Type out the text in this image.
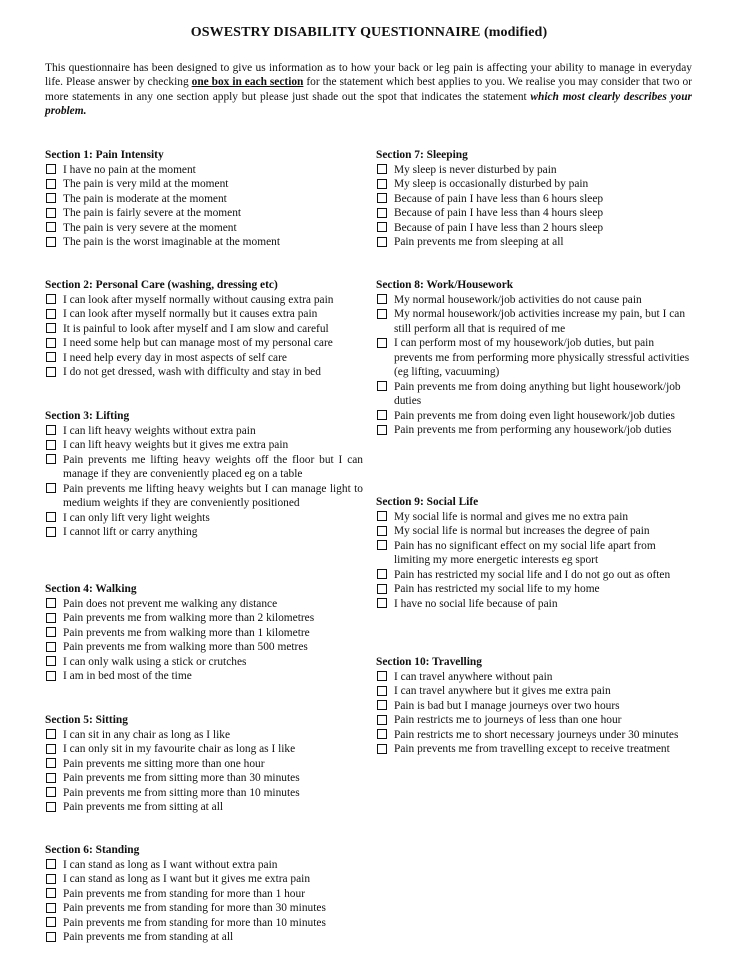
OSWESTRY DISABILITY QUESTIONNAIRE (modified)
This questionnaire has been designed to give us information as to how your back or leg pain is affecting your ability to manage in everyday life. Please answer by checking one box in each section for the statement which best applies to you. We realise you may consider that two or more statements in any one section apply but please just shade out the spot that indicates the statement which most clearly describes your problem.
Section 1: Pain Intensity
I have no pain at the moment
The pain is very mild at the moment
The pain is moderate at the moment
The pain is fairly severe at the moment
The pain is very severe at the moment
The pain is the worst imaginable at the moment
Section 2: Personal Care (washing, dressing etc)
I can look after myself normally without causing extra pain
I can look after myself normally but it causes extra pain
It is painful to look after myself and I am slow and careful
I need some help but can manage most of my personal care
I need help every day in most aspects of self care
I do not get dressed, wash with difficulty and stay in bed
Section 3: Lifting
I can lift heavy weights without extra pain
I can lift heavy weights but it gives me extra pain
Pain prevents me lifting heavy weights off the floor but I can manage if they are conveniently placed eg on a table
Pain prevents me lifting heavy weights but I can manage light to medium weights if they are conveniently positioned
I can only lift very light weights
I cannot lift or carry anything
Section 4: Walking
Pain does not prevent me walking any distance
Pain prevents me from walking more than 2 kilometres
Pain prevents me from walking more than 1 kilometre
Pain prevents me from walking more than 500 metres
I can only walk using a stick or crutches
I am in bed most of the time
Section 5: Sitting
I can sit in any chair as long as I like
I can only sit in my favourite chair as long as I like
Pain prevents me sitting more than one hour
Pain prevents me from sitting more than 30 minutes
Pain prevents me from sitting more than 10 minutes
Pain prevents me from sitting at all
Section 6: Standing
I can stand as long as I want without extra pain
I can stand as long as I want but it gives me extra pain
Pain prevents me from standing for more than 1 hour
Pain prevents me from standing for more than 30 minutes
Pain prevents me from standing for more than 10 minutes
Pain prevents me from standing at all
Section 7: Sleeping
My sleep is never disturbed by pain
My sleep is occasionally disturbed by pain
Because of pain I have less than 6 hours sleep
Because of pain I have less than 4 hours sleep
Because of pain I have less than 2 hours sleep
Pain prevents me from sleeping at all
Section 8: Work/Housework
My normal housework/job activities do not cause pain
My normal housework/job activities increase my pain, but I can still perform all that is required of me
I can perform most of my housework/job duties, but pain prevents me from performing more physically stressful activities (eg lifting, vacuuming)
Pain prevents me from doing anything but light housework/job duties
Pain prevents me from doing even light housework/job duties
Pain prevents me from performing any housework/job duties
Section 9: Social Life
My social life is normal and gives me no extra pain
My social life is normal but increases the degree of pain
Pain has no significant effect on my social life apart from limiting my more energetic interests eg sport
Pain has restricted my social life and I do not go out as often
Pain has restricted my social life to my home
I have no social life because of pain
Section 10: Travelling
I can travel anywhere without pain
I can travel anywhere but it gives me extra pain
Pain is bad but I manage journeys over two hours
Pain restricts me to journeys of less than one hour
Pain restricts me to short necessary journeys under 30 minutes
Pain prevents me from travelling except to receive treatment
